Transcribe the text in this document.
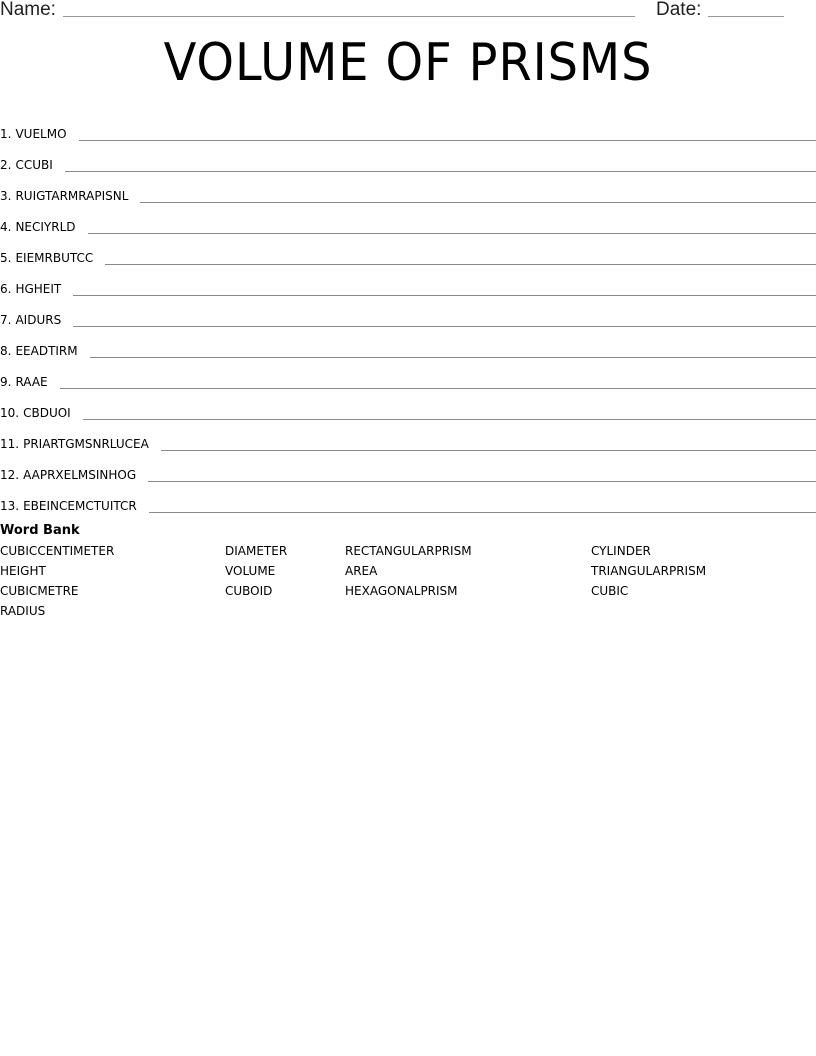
Name:	Date:
VOLUME OF PRISMS
1. VUELMO
2. CCUBI
3. RUIGTARMRAPISNL
4. NECIYRLD
5. EIEMRBUTCC
6. HGHEIT
7. AIDURS
8. EEADTIRM
9. RAAE
10. CBDUOI
11. PRIARTGMSNRLUCEA
12. AAPRXELMSINHOG
13. EBEINCEMCTUITCR
Word Bank
CUBICCENTIMETER	DIAMETER	RECTANGULARPRISM	CYLINDER
HEIGHT	VOLUME	AREA	TRIANGULARPRISM
CUBICMETRE	CUBOID	HEXAGONALPRISM	CUBIC
RADIUS
